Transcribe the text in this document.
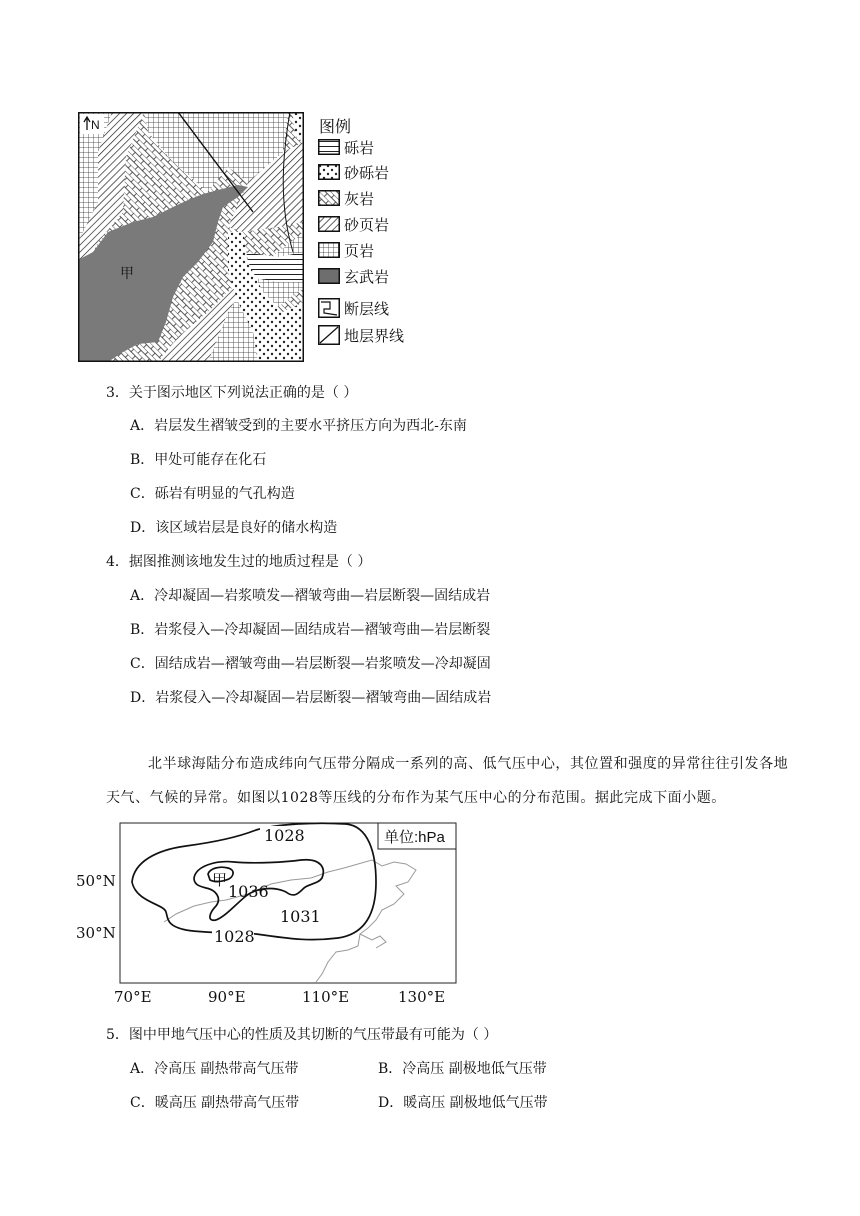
N
甲
图例
砾岩
砂砾岩
灰岩
砂页岩
页岩
玄武岩
断层线
地层界线
3．关于图示地区下列说法正确的是（ ）
A．岩层发生褶皱受到的主要水平挤压方向为西北-东南
B．甲处可能存在化石
C．砾岩有明显的气孔构造
D．该区域岩层是良好的储水构造
4．据图推测该地发生过的地质过程是（ ）
A．冷却凝固—岩浆喷发—褶皱弯曲—岩层断裂—固结成岩
B．岩浆侵入—冷却凝固—固结成岩—褶皱弯曲—岩层断裂
C．固结成岩—褶皱弯曲—岩层断裂—岩浆喷发—冷却凝固
D．岩浆侵入—冷却凝固—岩层断裂—褶皱弯曲—固结成岩
北半球海陆分布造成纬向气压带分隔成一系列的高、低气压中心，其位置和强度的异常往往引发各地
天气、气候的异常。如图以1028等压线的分布作为某气压中心的分布范围。据此完成下面小题。
单位:hPa
1028
甲
1036
1031
1028
50°N
30°N
70°E	90°E	110°E	130°E
5．图中甲地气压中心的性质及其切断的气压带最有可能为（ ）
A．冷高压 副热带高气压带	B．冷高压 副极地低气压带
C．暖高压 副热带高气压带	D．暖高压 副极地低气压带
